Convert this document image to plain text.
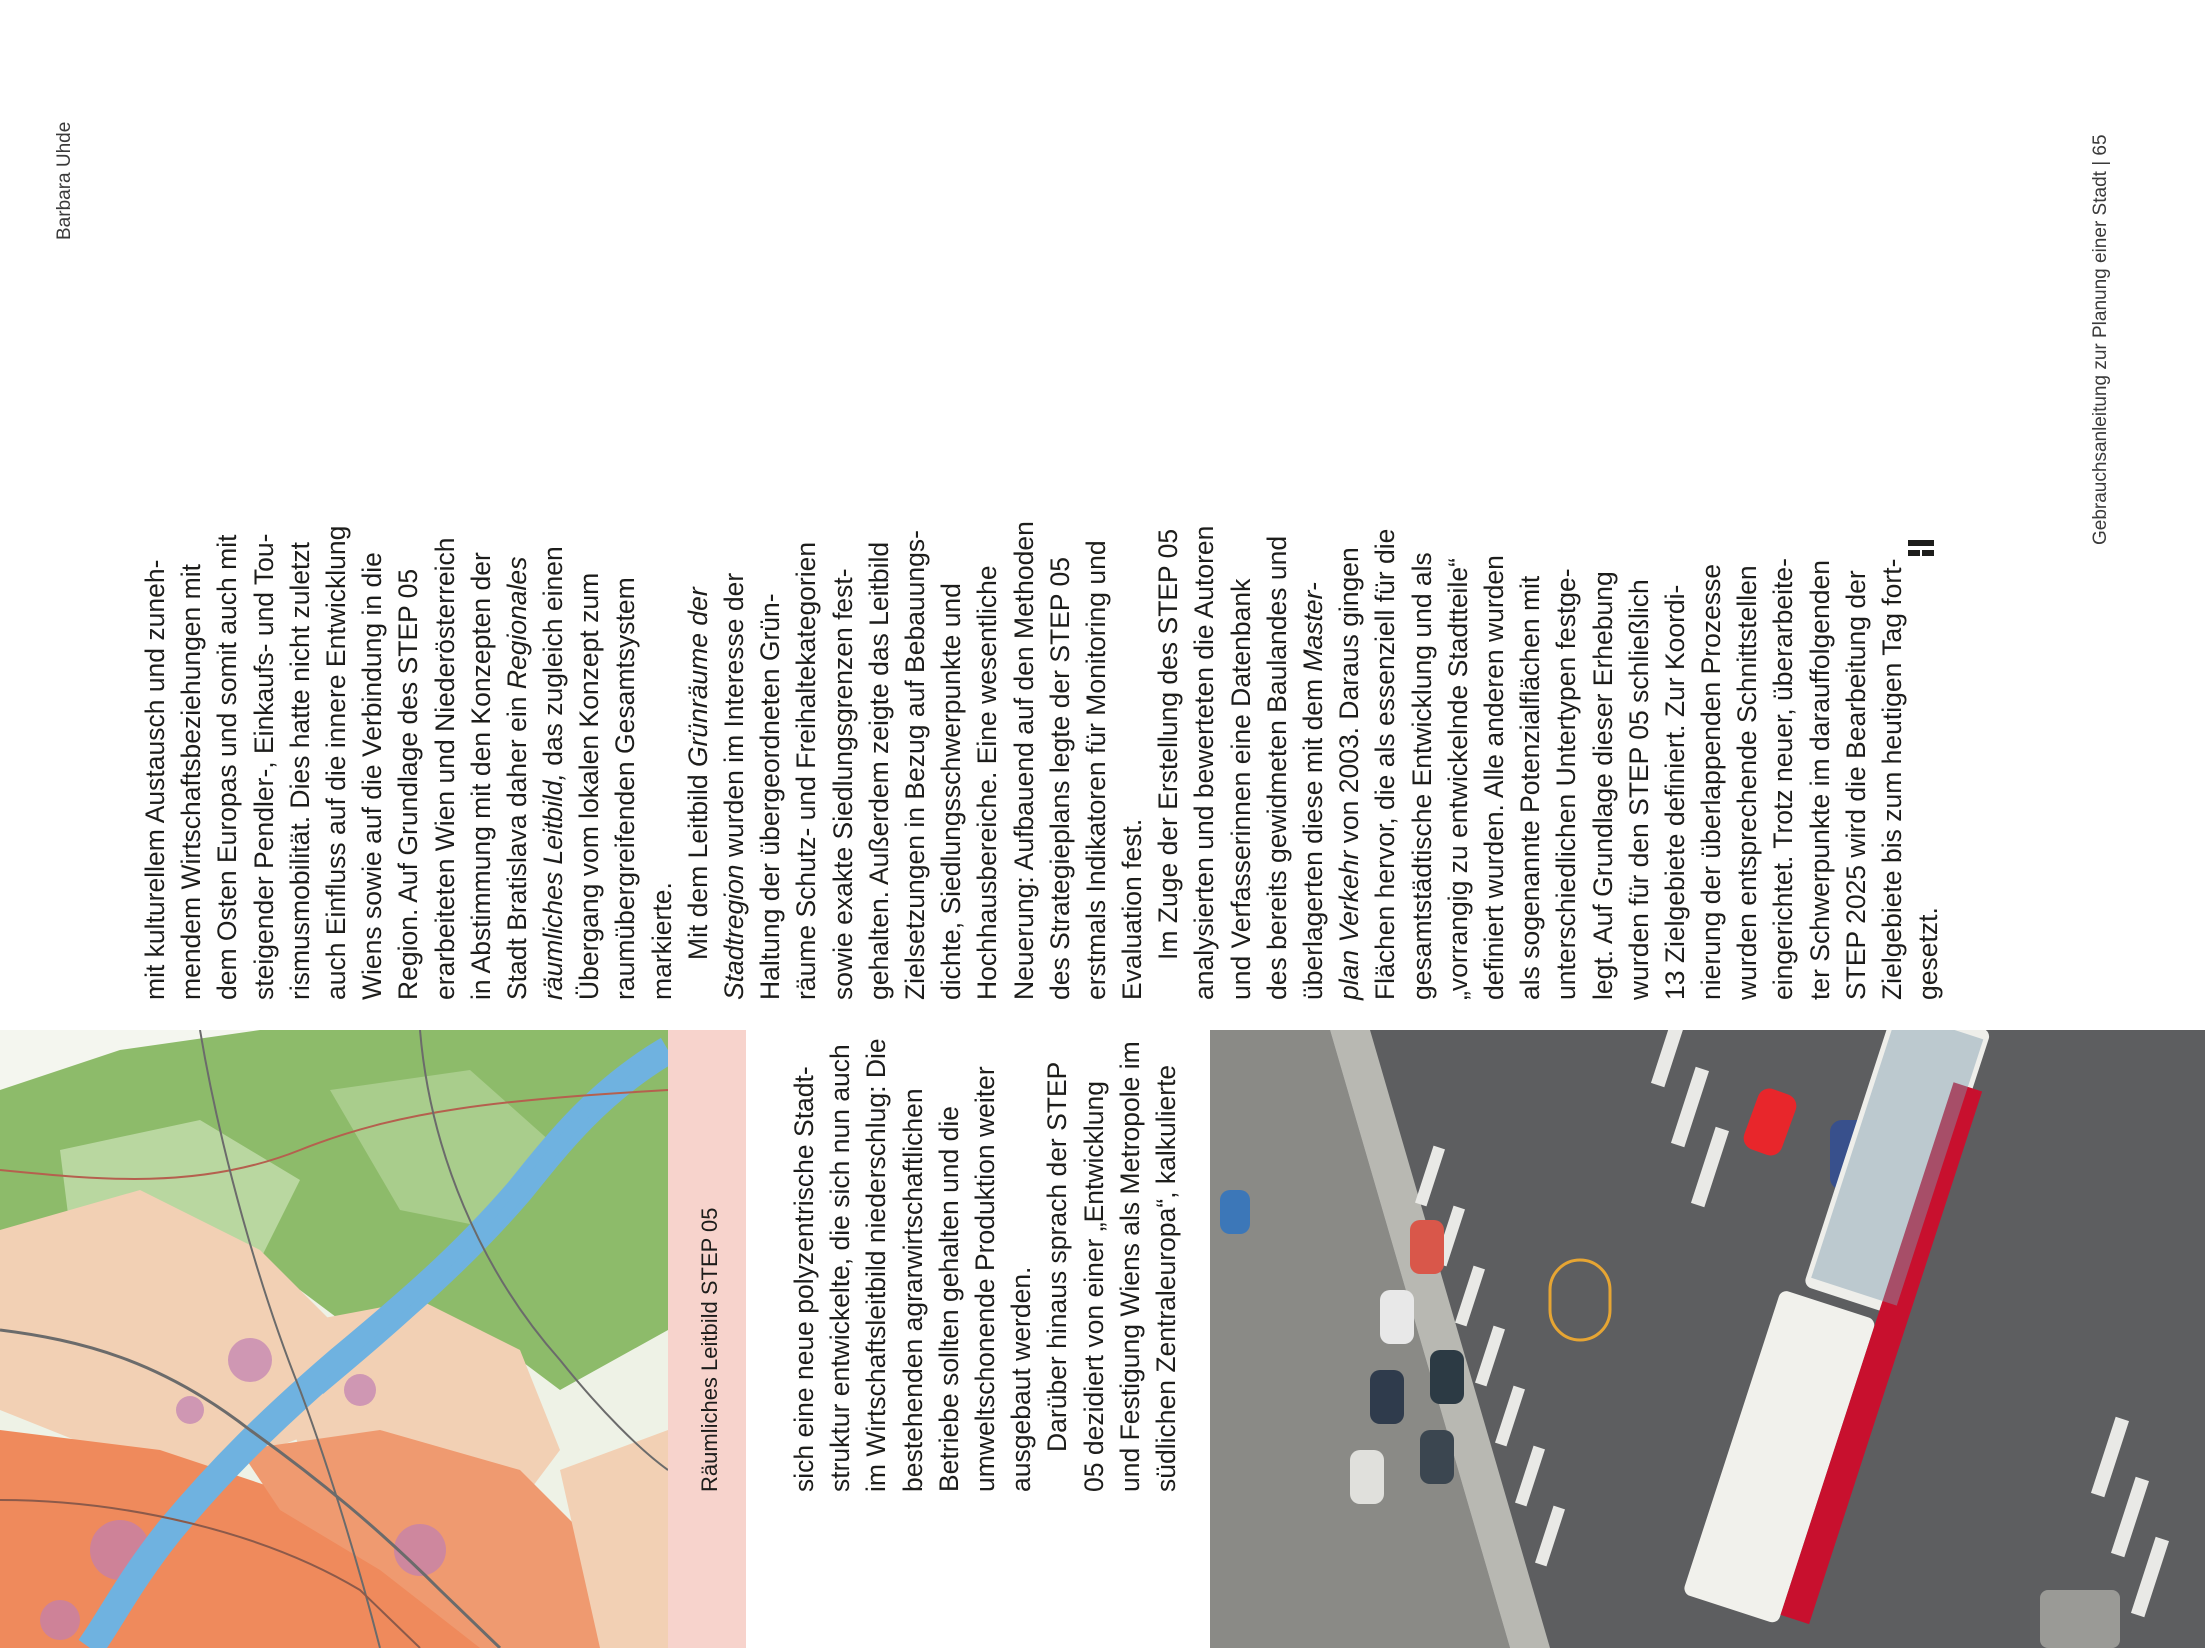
Barbara Uhde	Gebrauchsanleitung zur Planung einer Stadt | 65
mit kulturellem Austausch und zuneh- mendem Wirtschaftsbeziehungen mit dem Osten Europas und somit auch mit steigender Pendler-, Einkaufs- und Tou- rismusmobilität. Dies hatte nicht zuletzt auch Einfluss auf die innere Entwicklung Wiens sowie auf die Verbindung in die Region. Auf Grundlage des STEP 05 erarbeiteten Wien und Niederösterreich in Abstimmung mit den Konzepten der Stadt Bratislava daher ein Regionales
räumliches Leitbild, das zugleich einen Übergang vom lokalen Konzept zum raumübergreifenden Gesamtsystem markierte. Mit dem Leitbild Grünräume der
Stadtregion wurden im Interesse der Haltung der übergeordneten Grün- räume Schutz- und Freihaltekategorien sowie exakte Siedlungsgrenzen fest- gehalten. Außerdem zeigte das Leitbild Zielsetzungen in Bezug auf Bebauungs- dichte, Siedlungsschwerpunkte und Hochhausbereiche. Eine wesentliche Neuerung: Aufbauend auf den Methoden des Strategieplans legte der STEP 05 erstmals Indikatoren für Monitoring und Evaluation fest. Im Zuge der Erstellung des STEP 05 analysierten und bewerteten die Autoren und Verfasserinnen eine Datenbank des bereits gewidmeten Baulandes und überlagerten diese mit dem Master-
plan Verkehr von 2003. Daraus gingen Flächen hervor, die als essenziell für die gesamtstädtische Entwicklung und als „vorrangig zu entwickelnde Stadtteile“ definiert wurden. Alle anderen wurden als sogenannte Potenzialflächen mit unterschiedlichen Untertypen festge- legt. Auf Grundlage dieser Erhebung wurden für den STEP 05 schließlich 13 Zielgebiete definiert. Zur Koordi- nierung der überlappenden Prozesse wurden entsprechende Schnittstellen eingerichtet. Trotz neuer, überarbeite- ter Schwerpunkte im darauffolgenden STEP 2025 wird die Bearbeitung der Zielgebiete bis zum heutigen Tag fort- gesetzt.
Räumliches Leitbild STEP 05	sich eine neue polyzentrische Stadt- struktur entwickelte, die sich nun auch im Wirtschaftsleitbild niederschlug: Die bestehenden agrarwirtschaftlichen Betriebe sollten gehalten und die umweltschonende Produktion weiter ausgebaut werden. Darüber hinaus sprach der STEP 05 dezidiert von einer „Entwicklung und Festigung Wiens als Metropole im südlichen Zentraleuropa“, kalkulierte
